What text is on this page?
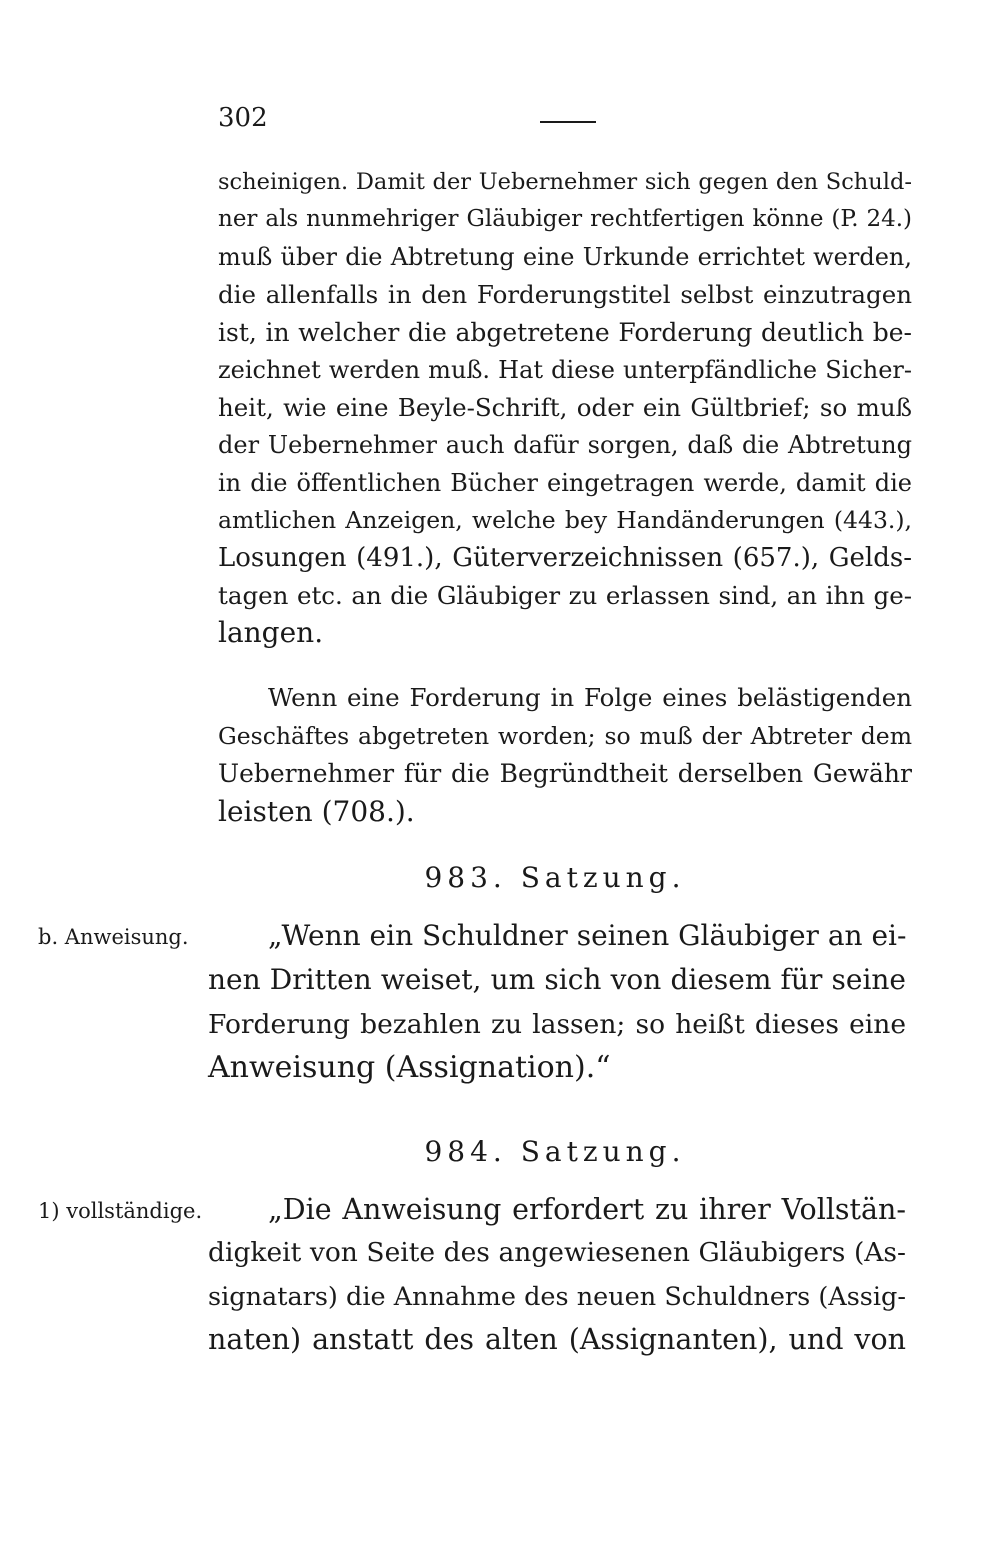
302
scheinigen. Damit der Uebernehmer sich gegen den Schuld-
ner als nunmehriger Gläubiger rechtfertigen könne (P. 24.)
muß über die Abtretung eine Urkunde errichtet werden,
die allenfalls in den Forderungstitel selbst einzutragen
ist, in welcher die abgetretene Forderung deutlich be-
zeichnet werden muß. Hat diese unterpfändliche Sicher-
heit, wie eine Beyle-Schrift, oder ein Gültbrief; so muß
der Uebernehmer auch dafür sorgen, daß die Abtretung
in die öffentlichen Bücher eingetragen werde, damit die
amtlichen Anzeigen, welche bey Handänderungen (443.),
Losungen (491.), Güterverzeichnissen (657.), Gelds-
tagen etc. an die Gläubiger zu erlassen sind, an ihn ge-
langen.
Wenn eine Forderung in Folge eines belästigenden
Geschäftes abgetreten worden; so muß der Abtreter dem
Uebernehmer für die Begründtheit derselben Gewähr
leisten (708.).
983. Satzung.
b. Anweisung.	„Wenn ein Schuldner seinen Gläubiger an ei-
nen Dritten weiset, um sich von diesem für seine
Forderung bezahlen zu lassen; so heißt dieses eine
Anweisung (Assignation).“
984. Satzung.
1) vollständige. „Die Anweisung erfordert zu ihrer Vollstän-
digkeit von Seite des angewiesenen Gläubigers (As-
signatars) die Annahme des neuen Schuldners (Assig-
naten) anstatt des alten (Assignanten), und von
